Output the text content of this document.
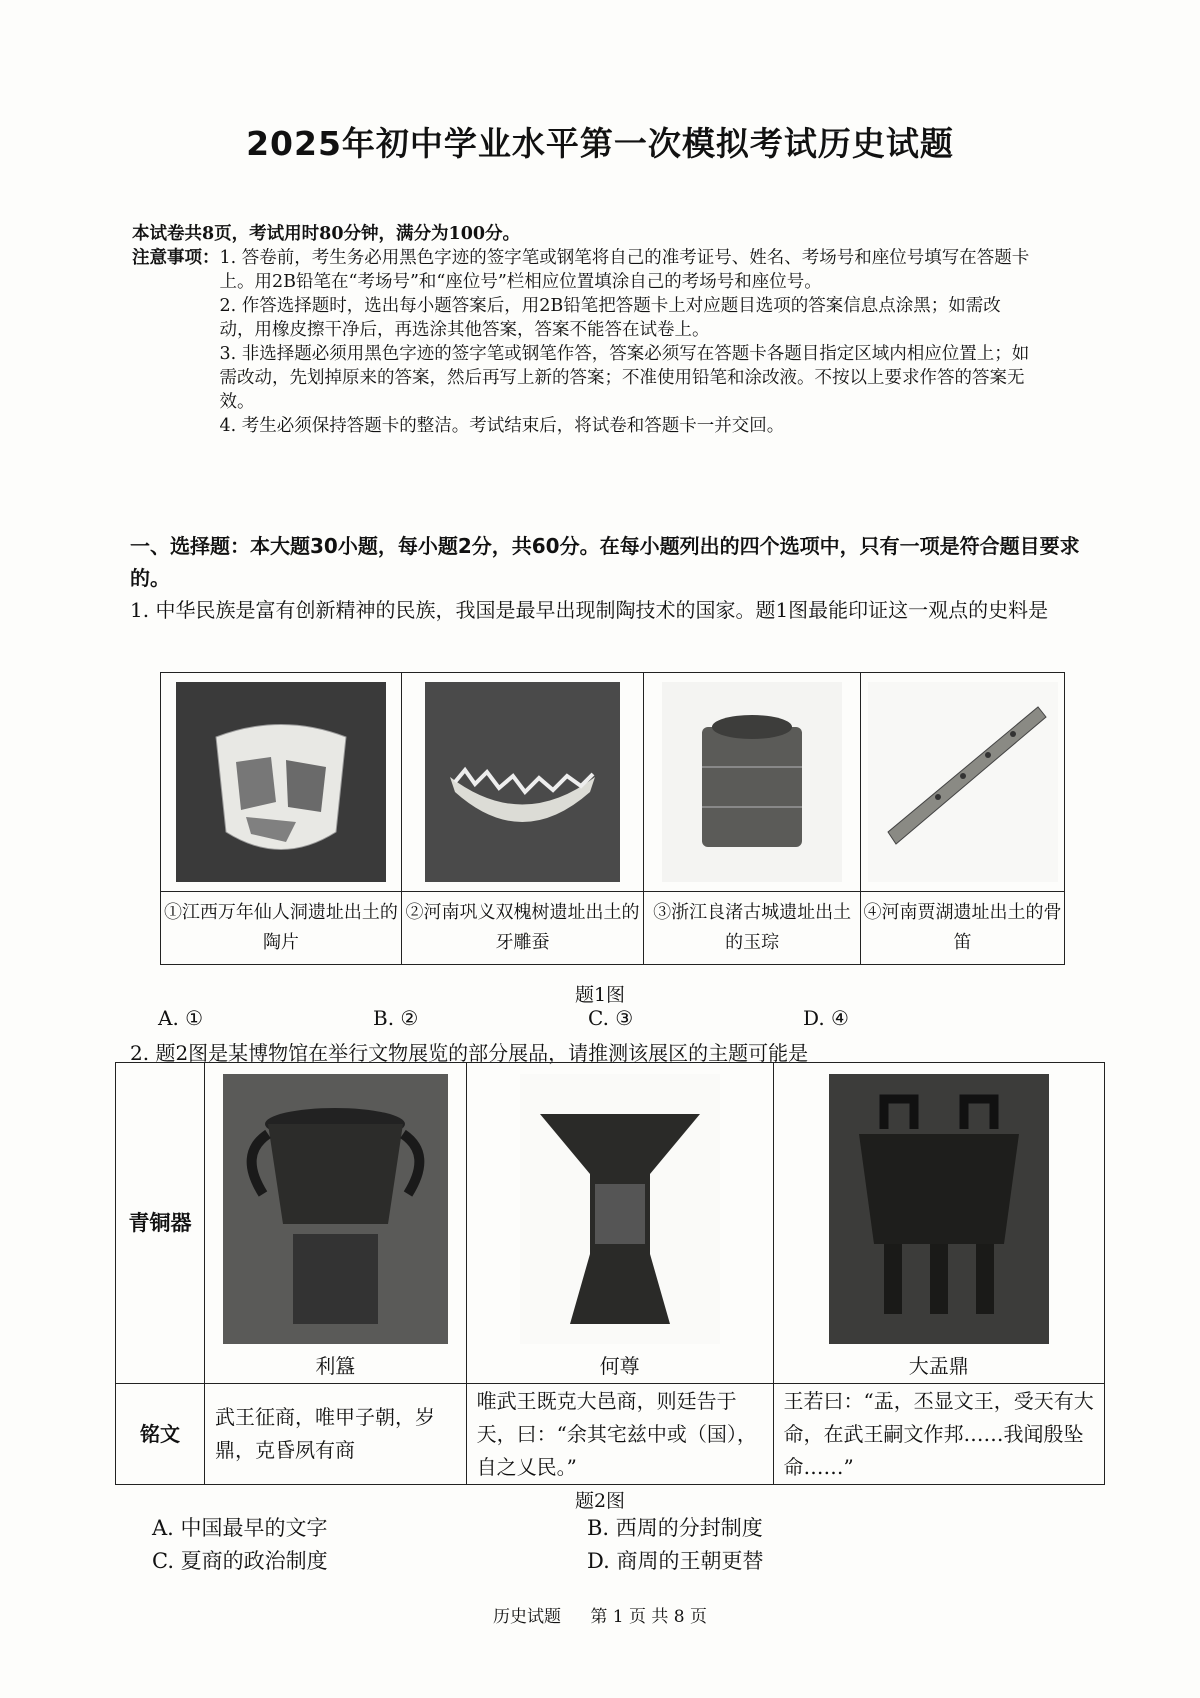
2025年初中学业水平第一次模拟考试历史试题
本试卷共8页，考试用时80分钟，满分为100分。
注意事项： 1. 答卷前，考生务必用黑色字迹的签字笔或钢笔将自己的准考证号、姓名、考场号和座位号填写在答题卡上。用2B铅笔在“考场号”和“座位号”栏相应位置填涂自己的考场号和座位号。
2. 作答选择题时，选出每小题答案后，用2B铅笔把答题卡上对应题目选项的答案信息点涂黑；如需改动，用橡皮擦干净后，再选涂其他答案，答案不能答在试卷上。
3. 非选择题必须用黑色字迹的签字笔或钢笔作答，答案必须写在答题卡各题目指定区域内相应位置上；如需改动，先划掉原来的答案，然后再写上新的答案；不准使用铅笔和涂改液。不按以上要求作答的答案无效。
4. 考生必须保持答题卡的整洁。考试结束后，将试卷和答题卡一并交回。
一、选择题：本大题30小题，每小题2分，共60分。在每小题列出的四个选项中，只有一项是符合题目要求的。
1. 中华民族是富有创新精神的民族，我国是最早出现制陶技术的国家。题1图最能印证这一观点的史料是

①江西万年仙人洞遗址出土的陶片	②河南巩义双槐树遗址出土的牙雕蚕	③浙江良渚古城遗址出土的玉琮	④河南贾湖遗址出土的骨笛
题1图
A. ①	B. ②	C. ③	D. ④
2. 题2图是某博物馆在举行文物展览的部分展品，请推测该展区的主题可能是
青铜器	利簋	何尊	大盂鼎

铭文	武王征商，唯甲子朝，岁鼎，克昏夙有商	唯武王既克大邑商，则廷告于天，曰：“余其宅兹中或（国），自之乂民。”	王若曰：“盂，丕显文王，受天有大命，在武王嗣文作邦……我闻殷坠命……”
题2图
A. 中国最早的文字	B. 西周的分封制度
C. 夏商的政治制度	D. 商周的王朝更替
历史试题 第 1 页 共 8 页
